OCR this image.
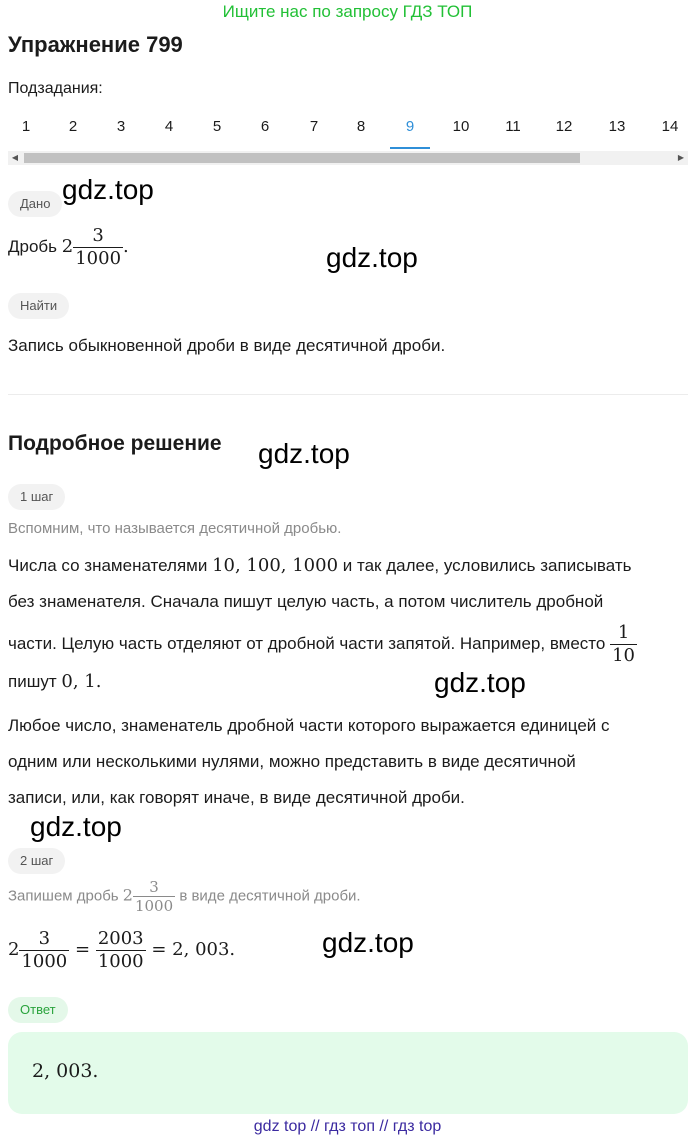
Ищите нас по запросу ГДЗ ТОП
Упражнение 799
Подзадания:
1	2	3	4	5	6	7	8	9	10	11	12	13	14
◀	▶
Дано
Дробь $2 \frac{3}{1000}$ .
Найти
Запись обыкновенной дроби в виде десятичной дроби.
Подробное решение
1 шаг
Вспомним, что называется десятичной дробью.
Числа со знаменателями 10, 100, 1000 и так далее, условились записывать
без знаменателя. Сначала пишут целую часть, а потом числитель дробной
части. Целую часть отделяют от дробной части запятой. Например, вместо $\frac{1}{10}$
пишут 0, 1.
Любое число, знаменатель дробной части которого выражается единицей с
одним или несколькими нулями, можно представить в виде десятичной
записи, или, как говорят иначе, в виде десятичной дроби.
2 шаг
Запишем дробь $2 \frac{3}{1000}$ в виде десятичной дроби.
$2 \frac{3}{1000} = \frac{2003}{1000} = 2$, 003.
Ответ
2, 003.
gdz.top
gdz.top
gdz.top
gdz.top
gdz.top
gdz.top
gdz top // гдз топ // гдз top
